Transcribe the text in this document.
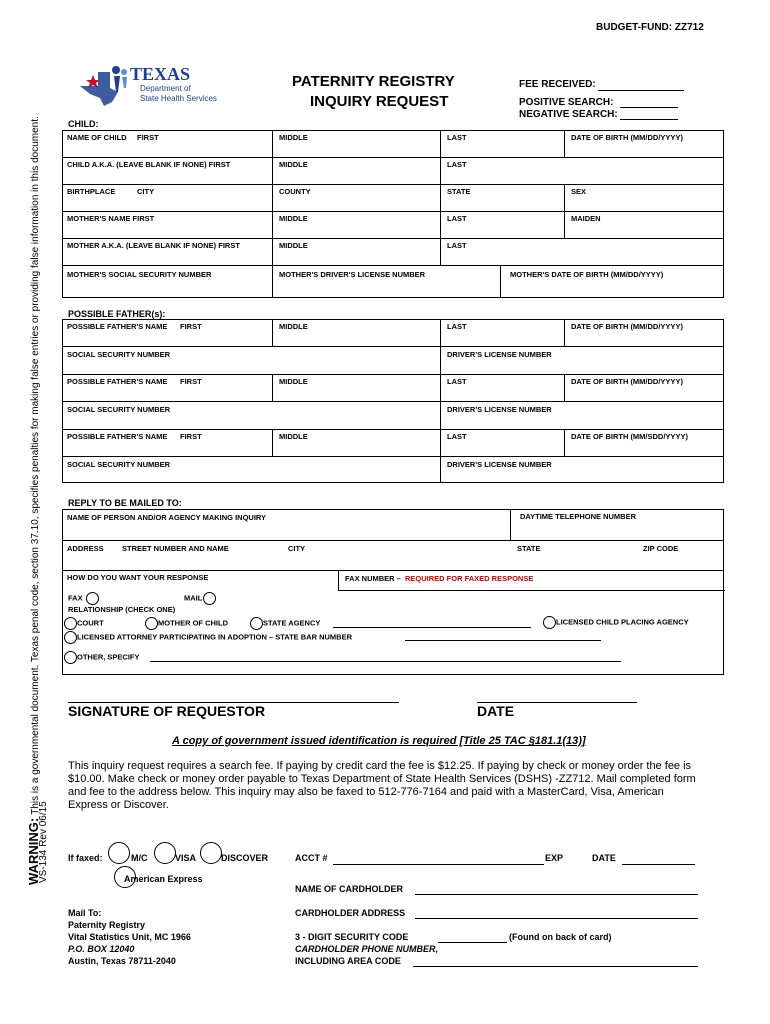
BUDGET-FUND: ZZ712
TEXAS
Department of
State Health Services
PATERNITY REGISTRY
INQUIRY REQUEST
FEE RECEIVED:
POSITIVE SEARCH:
NEGATIVE SEARCH:
WARNING: This is a governmental document. Texas penal code, section 37.10, specifies penalties for making false entries or providing false information in this document.
VS-134 Rev 06/15
CHILD:
NAME OF CHILD FIRST	MIDDLE	LAST	DATE OF BIRTH (MM/DD/YYYY)
CHILD A.K.A. (LEAVE BLANK IF NONE) FIRST	MIDDLE	LAST
BIRTHPLACE	CITY	COUNTY	STATE	SEX
MOTHER'S NAME FIRST	MIDDLE	LAST	MAIDEN
MOTHER A.K.A. (LEAVE BLANK IF NONE) FIRST	MIDDLE	LAST
MOTHER'S SOCIAL SECURITY NUMBER	MOTHER'S DRIVER'S LICENSE NUMBER	MOTHER'S DATE OF BIRTH (MM/DD/YYYY)
POSSIBLE FATHER(s):
POSSIBLE FATHER'S NAME FIRST	MIDDLE	LAST	DATE OF BIRTH (MM/DD/YYYY)
SOCIAL SECURITY NUMBER	DRIVER'S LICENSE NUMBER
POSSIBLE FATHER'S NAME FIRST	MIDDLE	LAST	DATE OF BIRTH (MM/DD/YYYY)
SOCIAL SECURITY NUMBER	DRIVER'S LICENSE NUMBER
POSSIBLE FATHER'S NAME FIRST	MIDDLE	LAST	DATE OF BIRTH (MM/SDD/YYYY)
SOCIAL SECURITY NUMBER	DRIVER'S LICENSE NUMBER
REPLY TO BE MAILED TO:
NAME OF PERSON AND/OR AGENCY MAKING INQUIRY	DAYTIME TELEPHONE NUMBER
ADDRESS STREET NUMBER AND NAME	CITY	STATE	ZIP CODE
HOW DO YOU WANT YOUR RESPONSE	FAX NUMBER – REQUIRED FOR FAXED RESPONSE
FAX	MAIL
RELATIONSHIP (CHECK ONE)
COURT	MOTHER OF CHILD	STATE AGENCY	LICENSED CHILD PLACING AGENCY
LICENSED ATTORNEY PARTICIPATING IN ADOPTION – STATE BAR NUMBER
OTHER, SPECIFY
SIGNATURE OF REQUESTOR	DATE
A copy of government issued identification is required [Title 25 TAC §181.1(13)]
This inquiry request requires a search fee. If paying by credit card the fee is $12.25. If paying by check or money order the fee is $10.00. Make check or money order payable to Texas Department of State Health Services (DSHS) -ZZ712. Mail completed form and fee to the address below. This inquiry may also be faxed to 512-776-7164 and paid with a MasterCard, Visa, American Express or Discover.
If faxed:	M/C	VISA	DISCOVER
American Express
ACCT #	EXP	DATE
NAME OF CARDHOLDER
CARDHOLDER ADDRESS
3 - DIGIT SECURITY CODE	(Found on back of card)
CARDHOLDER PHONE NUMBER,
INCLUDING AREA CODE
Mail To:
Paternity Registry
Vital Statistics Unit, MC 1966
P.O. BOX 12040
Austin, Texas 78711-2040
